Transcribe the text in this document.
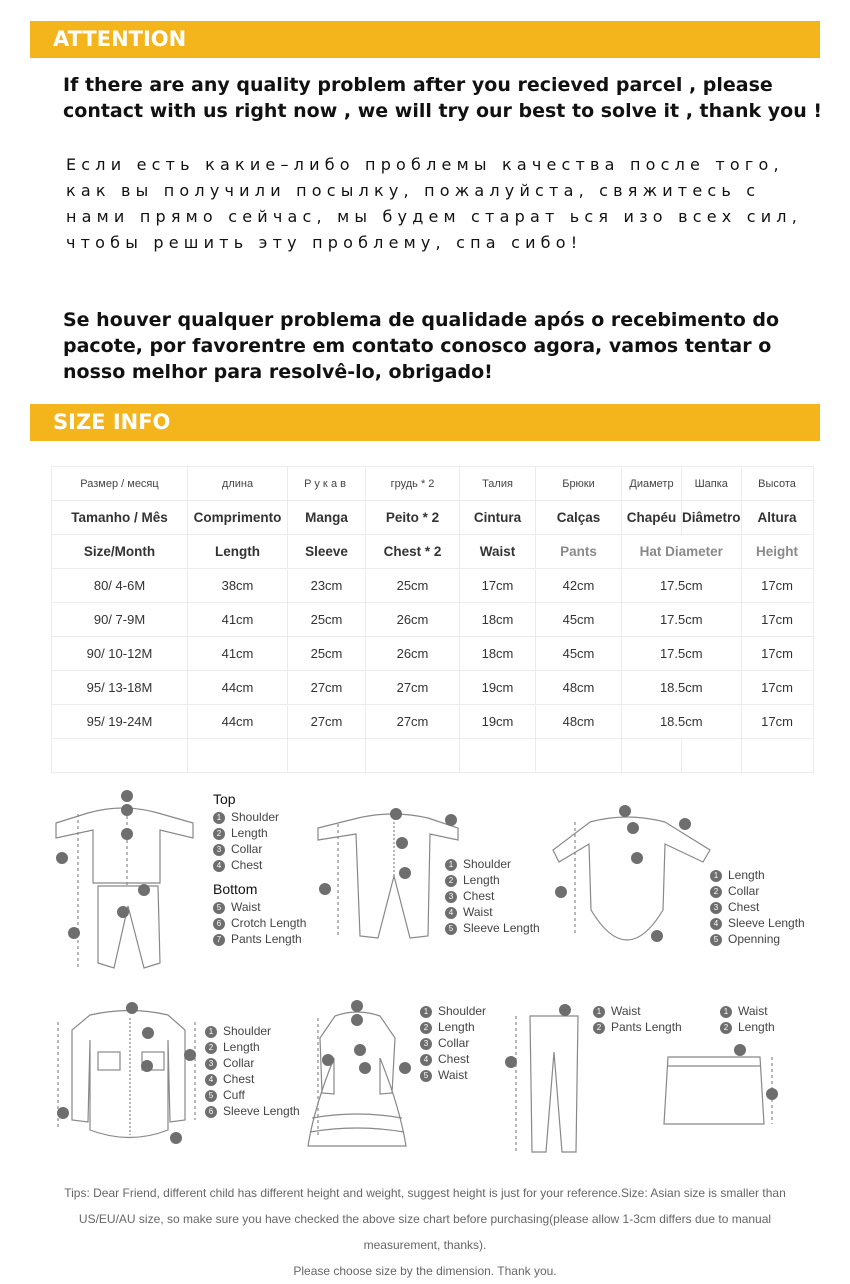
ATTENTION
If there are any quality problem after you recieved parcel , please contact with us right now , we will try our best to solve it , thank you !
Если есть какие–либо проблемы качества после того, как вы получили посылку, пожалуйста, свяжитесь с нами прямо сейчас, мы будем старат ься изо всех сил, чтобы решить эту проблему, спа сибо!
Se houver qualquer problema de qualidade após o recebimento do pacote, por favorentre em contato conosco agora, vamos tentar o nosso melhor para resolvê-lo, obrigado!
SIZE INFO
Размер / месяц	длина	Рукав	грудь * 2	Талия	Брюки	Диаметр	Шапка	Высота
Tamanho / Mês	Comprimento	Manga	Peito * 2	Cintura	Calças	Chapéu	Diâmetro	Altura
Size/Month	Length	Sleeve	Chest * 2	Waist	Pants	Hat Diameter		Height
80/ 4-6M	38cm	23cm	25cm	17cm	42cm	17.5cm		17cm
90/ 7-9M	41cm	25cm	26cm	18cm	45cm	17.5cm		17cm
90/ 10-12M	41cm	25cm	26cm	18cm	45cm	17.5cm		17cm
95/ 13-18M	44cm	27cm	27cm	19cm	48cm	18.5cm		17cm
95/ 19-24M	44cm	27cm	27cm	19cm	48cm	18.5cm		17cm

Top
1 Shoulder
2 Length
3 Collar
4 Chest
Bottom
5 Waist
6 Crotch Length
7 Pants Length
1 Shoulder
2 Length
3 Chest
4 Waist
5 Sleeve Length
1 Length
2 Collar
3 Chest
4 Sleeve Length
5 Openning
1 Shoulder
2 Length
3 Collar
4 Chest
5 Cuff
6 Sleeve Length
1 Shoulder
2 Length
3 Collar
4 Chest
5 Waist
1 Waist
2 Pants Length
1 Waist
2 Length
Tips: Dear Friend, different child has different height and weight, suggest height is just for your reference.Size: Asian size is smaller than US/EU/AU size, so make sure you have checked the above size chart before purchasing(please allow 1-3cm differs due to manual measurement, thanks).
Please choose size by the dimension. Thank you.
